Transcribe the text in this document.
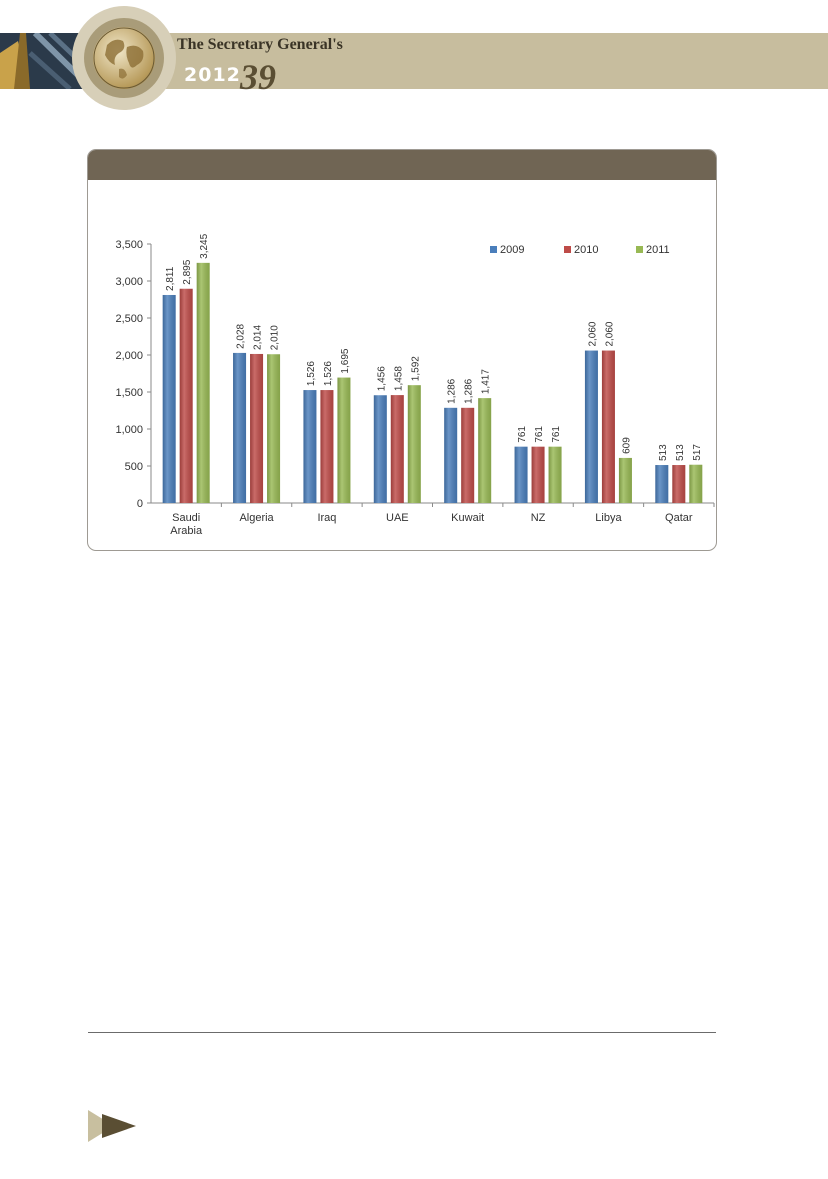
The Secretary General's
2012 39
0
500
1,000
1,500
2,000
2,500
3,000
3,500
2,811 2,895
3,245
Saudi
Arabia
2,028 2,014 2,010
Algeria
1,526 1,526 1,695
Iraq
1,456 1,458 1,592
UAE
1,286 1,286 1,417
Kuwait
761 761 761
NZ
2,060 2,060
609
Libya
513 513 517
Qatar
2009	2010	2011
